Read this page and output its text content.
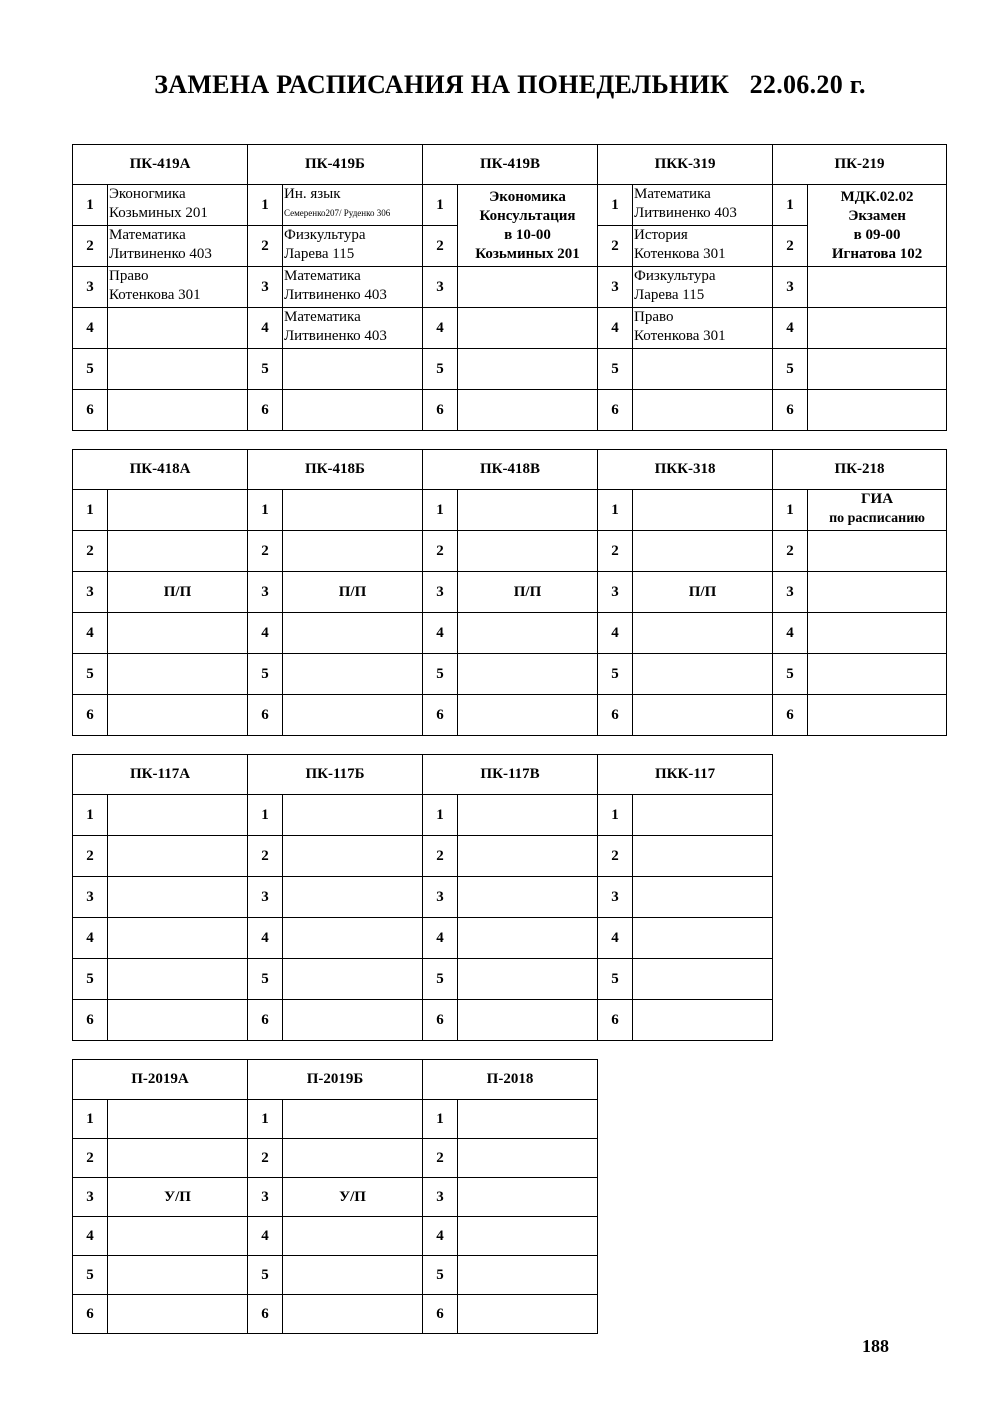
ЗАМЕНА РАСПИСАНИЯ НА ПОНЕДЕЛЬНИК   22.06.20 г.
ПК-419А		ПК-419Б		ПК-419В		ПКК-319		ПК-219	
1	Эконогмика
Козьминых 201	1	Ин. язык
Семеренко207/ Руденко 306	1	Экономика
Консультация
в 10-00
Козьминых 201	1	Математика
Литвиненко 403	1	МДК.02.02
Экзамен
в 09-00
Игнатова 102

2	Математика
Литвиненко 403	2	Физкультура
Ларева 115	2		2	История
Котенкова 301	2	
3	Право
Котенкова 301	3	Математика
Литвиненко 403	3		3	Физкультура
Ларева 115	3	
4		4	Математика
Литвиненко 403	4		4	Право
Котенкова 301	4	
5		5		5		5		5	
6		6		6		6		6	
ПК-418А		ПК-418Б		ПК-418В		ПКК-318		ПК-218	
1		1		1		1		1	ГИА
по расписанию

2		2		2		2		2	
3	П/П	3	П/П	3	П/П	3	П/П	3	
4		4		4		4		4	
5		5		5		5		5	
6		6		6		6		6	
ПК-117А		ПК-117Б		ПК-117В		ПКК-117	
1		1		1		1	
2		2		2		2	
3		3		3		3	
4		4		4		4	
5		5		5		5	
6		6		6		6	
П-2019А		П-2019Б		П-2018	
1		1		1	
2		2		2	
3	У/П	3	У/П	3	
4		4		4	
5		5		5	
6		6		6	
188
